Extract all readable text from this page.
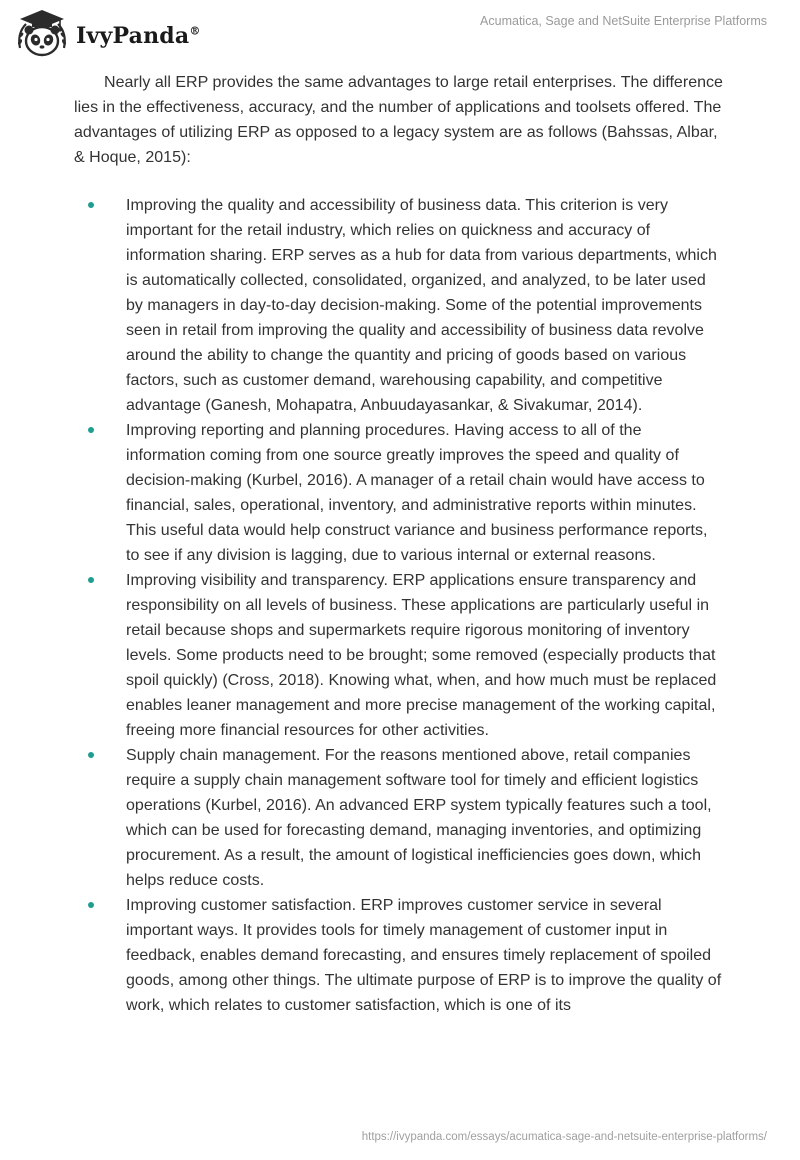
IvyPanda®
Acumatica, Sage and NetSuite Enterprise Platforms

Nearly all ERP provides the same advantages to large retail enterprises. The difference lies in the effectiveness, accuracy, and the number of applications and toolsets offered. The advantages of utilizing ERP as opposed to a legacy system are as follows (Bahssas, Albar, & Hoque, 2015):

Improving the quality and accessibility of business data. This criterion is very important for the retail industry, which relies on quickness and accuracy of information sharing. ERP serves as a hub for data from various departments, which is automatically collected, consolidated, organized, and analyzed, to be later used by managers in day-to-day decision-making. Some of the potential improvements seen in retail from improving the quality and accessibility of business data revolve around the ability to change the quantity and pricing of goods based on various factors, such as customer demand, warehousing capability, and competitive advantage (Ganesh, Mohapatra, Anbuudayasankar, & Sivakumar, 2014).
Improving reporting and planning procedures. Having access to all of the information coming from one source greatly improves the speed and quality of decision-making (Kurbel, 2016). A manager of a retail chain would have access to financial, sales, operational, inventory, and administrative reports within minutes. This useful data would help construct variance and business performance reports, to see if any division is lagging, due to various internal or external reasons.
Improving visibility and transparency. ERP applications ensure transparency and responsibility on all levels of business. These applications are particularly useful in retail because shops and supermarkets require rigorous monitoring of inventory levels. Some products need to be brought; some removed (especially products that spoil quickly) (Cross, 2018). Knowing what, when, and how much must be replaced enables leaner management and more precise management of the working capital, freeing more financial resources for other activities.
Supply chain management. For the reasons mentioned above, retail companies require a supply chain management software tool for timely and efficient logistics operations (Kurbel, 2016). An advanced ERP system typically features such a tool, which can be used for forecasting demand, managing inventories, and optimizing procurement. As a result, the amount of logistical inefficiencies goes down, which helps reduce costs.
Improving customer satisfaction. ERP improves customer service in several important ways. It provides tools for timely management of customer input in feedback, enables demand forecasting, and ensures timely replacement of spoiled goods, among other things. The ultimate purpose of ERP is to improve the quality of work, which relates to customer satisfaction, which is one of its
https://ivypanda.com/essays/acumatica-sage-and-netsuite-enterprise-platforms/
